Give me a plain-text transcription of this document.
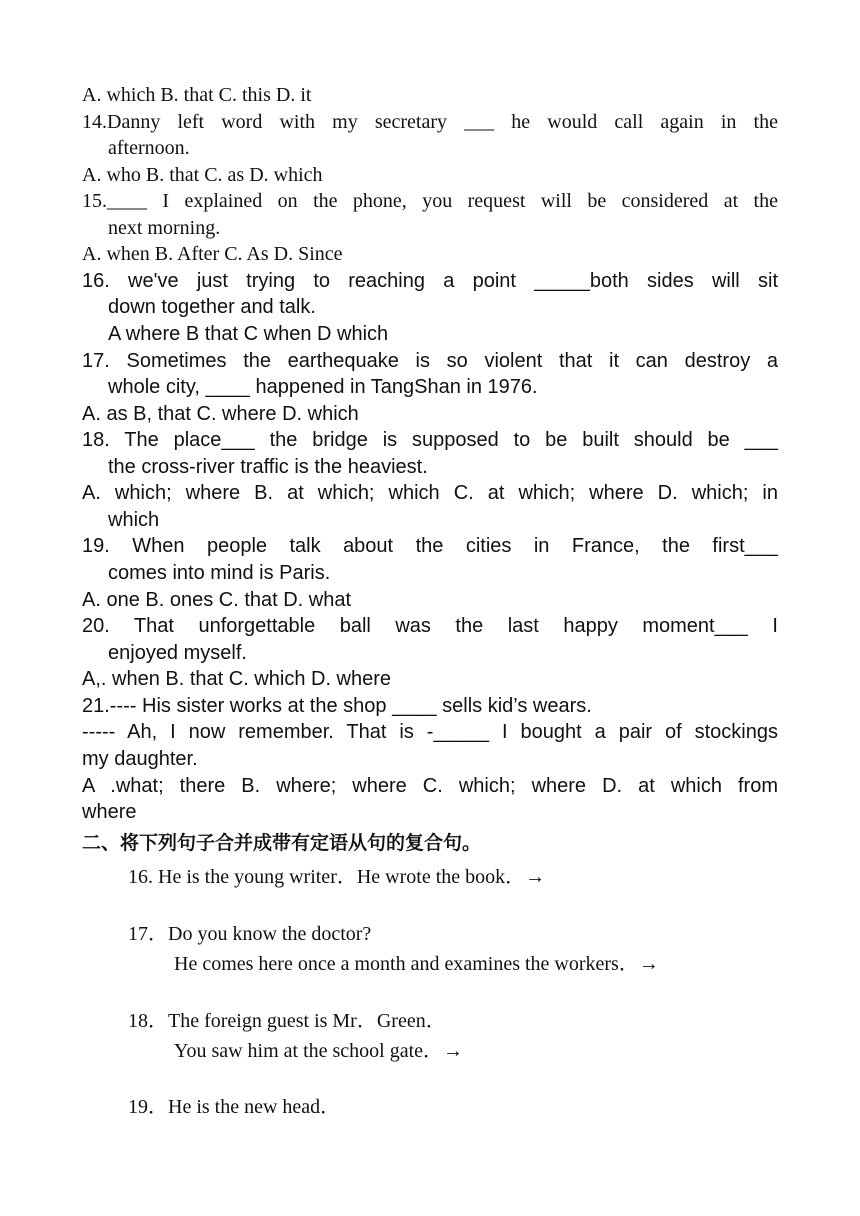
A. which B. that C. this D. it
14.Danny left word with my secretary ___ he would call again in the
afternoon.
A. who B. that C. as D. which
15.____ I explained on the phone, you request will be considered at the
next morning.
A. when B. After C. As D. Since
16. we've just trying to reaching a point _____both sides will sit
down together and talk.
A where B that C when D which
17. Sometimes the earthequake is so violent that it can destroy a
whole city, ____ happened in TangShan in 1976.
A. as B, that C. where D. which
18. The place___ the bridge is supposed to be built should be ___
the cross-river traffic is the heaviest.
A. which; where B. at which; which C. at which; where D. which; in
which
19. When people talk about the cities in France, the first___
comes into mind is Paris.
A. one B. ones C. that D. what
20. That unforgettable ball was the last happy moment___ I
enjoyed myself.
A,. when B. that C. which D. where
21.---- His sister works at the shop ____ sells kid’s wears.
----- Ah, I now remember. That is -_____ I bought a pair of stockings
my daughter.
A .what; there B. where; where C. which; where D. at which from
where
二、将下列句子合并成带有定语从句的复合句。
16. He is the young writer．He wrote the book．→
17．Do you know the doctor?
He comes here once a month and examines the workers．→
18．The foreign guest is Mr．Green．
You saw him at the school gate．→
19．He is the new head．
